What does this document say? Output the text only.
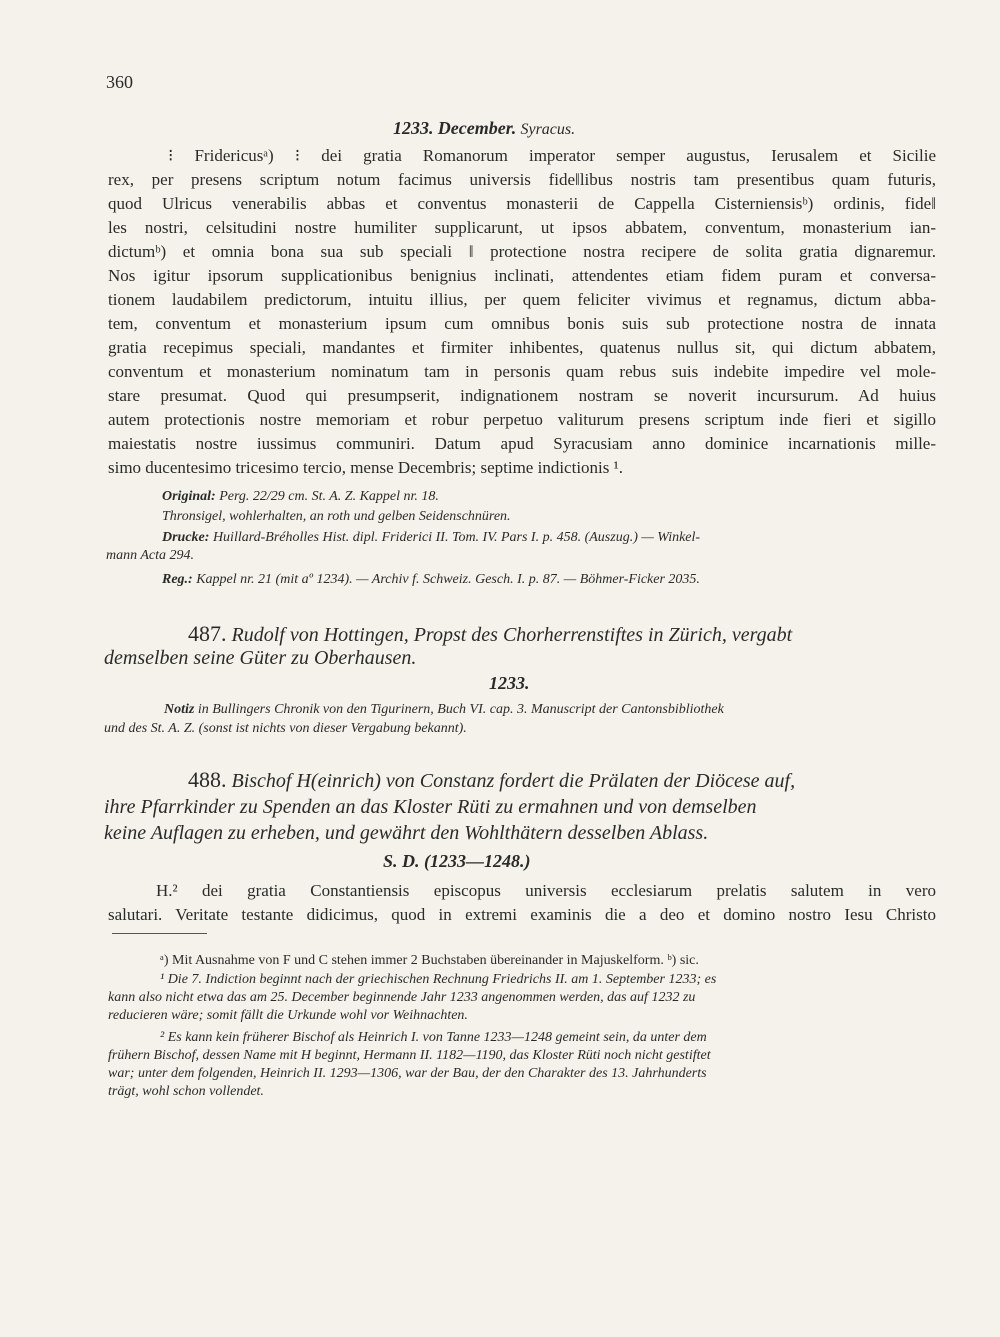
360
1233. December. Syracus.
⁝ Fridericusᵃ) ⁝ dei gratia Romanorum imperator semper augustus, Ierusalem et Sicilie
rex, per presens scriptum notum facimus universis fide‖libus nostris tam presentibus quam futuris,
quod Ulricus venerabilis abbas et conventus monasterii de Cappella Cisterniensisᵇ) ordinis, fide‖
les nostri, celsitudini nostre humiliter supplicarunt, ut ipsos abbatem, conventum, monasterium ian-
dictumᵇ) et omnia bona sua sub speciali ‖ protectione nostra recipere de solita gratia dignaremur.
Nos igitur ipsorum supplicationibus benignius inclinati, attendentes etiam fidem puram et conversa-
tionem laudabilem predictorum, intuitu illius, per quem feliciter vivimus et regnamus, dictum abba-
tem, conventum et monasterium ipsum cum omnibus bonis suis sub protectione nostra de innata
gratia recepimus speciali, mandantes et firmiter inhibentes, quatenus nullus sit, qui dictum abbatem,
conventum et monasterium nominatum tam in personis quam rebus suis indebite impedire vel mole-
stare presumat. Quod qui presumpserit, indignationem nostram se noverit incursurum. Ad huius
autem protectionis nostre memoriam et robur perpetuo valiturum presens scriptum inde fieri et sigillo
maiestatis nostre iussimus communiri. Datum apud Syracusiam anno dominice incarnationis mille-
simo ducentesimo tricesimo tercio, mense Decembris; septime indictionis ¹.
Original: Perg. 22/29 cm. St. A. Z. Kappel nr. 18.
Thronsigel, wohlerhalten, an roth und gelben Seidenschnüren.
Drucke: Huillard-Bréholles Hist. dipl. Friderici II. Tom. IV. Pars I. p. 458. (Auszug.) — Winkel-
mann Acta 294.
Reg.: Kappel nr. 21 (mit aº 1234). — Archiv f. Schweiz. Gesch. I. p. 87. — Böhmer-Ficker 2035.
487. Rudolf von Hottingen, Propst des Chorherrenstiftes in Zürich, vergabt
demselben seine Güter zu Oberhausen.
1233.
Notiz in Bullingers Chronik von den Tigurinern, Buch VI. cap. 3. Manuscript der Cantonsbibliothek
und des St. A. Z. (sonst ist nichts von dieser Vergabung bekannt).
488. Bischof H(einrich) von Constanz fordert die Prälaten der Diöcese auf,
ihre Pfarrkinder zu Spenden an das Kloster Rüti zu ermahnen und von demselben
keine Auflagen zu erheben, und gewährt den Wohlthätern desselben Ablass.
S. D. (1233—1248.)
H.² dei gratia Constantiensis episcopus universis ecclesiarum prelatis salutem in vero
salutari. Veritate testante didicimus, quod in extremi examinis die a deo et domino nostro Iesu Christo
ᵃ) Mit Ausnahme von F und C stehen immer 2 Buchstaben übereinander in Majuskelform. ᵇ) sic.
¹ Die 7. Indiction beginnt nach der griechischen Rechnung Friedrichs II. am 1. September 1233; es
kann also nicht etwa das am 25. December beginnende Jahr 1233 angenommen werden, das auf 1232 zu
reducieren wäre; somit fällt die Urkunde wohl vor Weihnachten.
² Es kann kein früherer Bischof als Heinrich I. von Tanne 1233—1248 gemeint sein, da unter dem
frühern Bischof, dessen Name mit H beginnt, Hermann II. 1182—1190, das Kloster Rüti noch nicht gestiftet
war; unter dem folgenden, Heinrich II. 1293—1306, war der Bau, der den Charakter des 13. Jahrhunderts
trägt, wohl schon vollendet.
